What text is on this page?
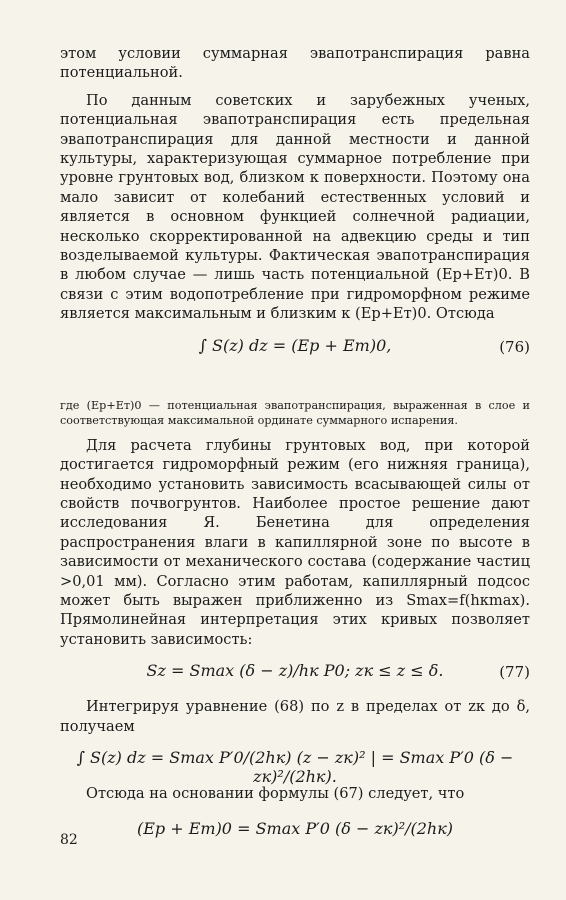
этом условии суммарная эвапотранспирация равна потенциальной.

По данным советских и зарубежных ученых, потенциальная эвапотранспирация есть предельная эвапотранспирация для данной местности и данной культуры, характеризующая суммарное потребление при уровне грунтовых вод, близком к поверхности. Поэтому она мало зависит от колебаний естественных условий и является в основном функцией солнечной радиации, несколько скорректированной на адвекцию среды и тип возделываемой культуры. Фактическая эвапотранспирация в любом случае — лишь часть потенциальной (Eр+Eт)0. В связи с этим водопотребление при гидроморфном режиме является максимальным и близким к (Eр+Eт)0. Отсюда

∫ S(z) dz = (Eр + Eт)0,	(76)

где (Eр+Eт)0 — потенциальная эвапотранспирация, выраженная в слое и соответствующая максимальной ординате суммарного испарения.

Для расчета глубины грунтовых вод, при которой достигается гидроморфный режим (его нижняя граница), необходимо установить зависимость всасывающей силы от свойств почвогрунтов. Наиболее простое решение дают исследования Я. Бенетина для определения распространения влаги в капиллярной зоне по высоте в зависимости от механического состава (содержание частиц >0,01 мм). Согласно этим работам, капиллярный подсос может быть выражен приближенно из Smax=f(hкmax). Прямолинейная интерпретация этих кривых позволяет установить зависимость:

Sz = Smax (δ − z)/hк P0; zк ≤ z ≤ δ.	(77)

Интегрируя уравнение (68) по z в пределах от zк до δ, получаем

∫ S(z) dz = Smax P′0/(2hк) (z − zк)² | = Smax P′0 (δ − zк)²/(2hк).

Отсюда на основании формулы (67) следует, что

(Eр + Eт)0 = Smax P′0 (δ − zк)²/(2hк)
82
